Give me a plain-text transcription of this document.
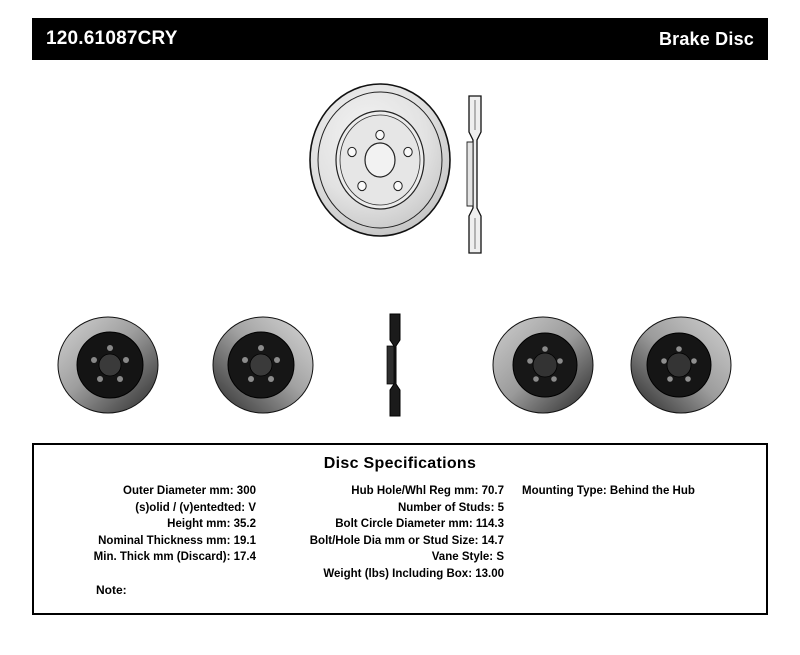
120.61087CRY	Brake Disc
Disc Specifications
Outer Diameter mm: 300
(s)olid / (v)entedted: V
Height mm: 35.2
Nominal Thickness mm: 19.1
Min. Thick mm (Discard): 17.4
Hub Hole/Whl Reg mm: 70.7
Number of Studs: 5
Bolt Circle Diameter mm: 114.3
Bolt/Hole Dia mm or Stud Size: 14.7
Vane Style: S
Weight (lbs) Including Box: 13.00
Mounting Type: Behind the Hub
Note:
